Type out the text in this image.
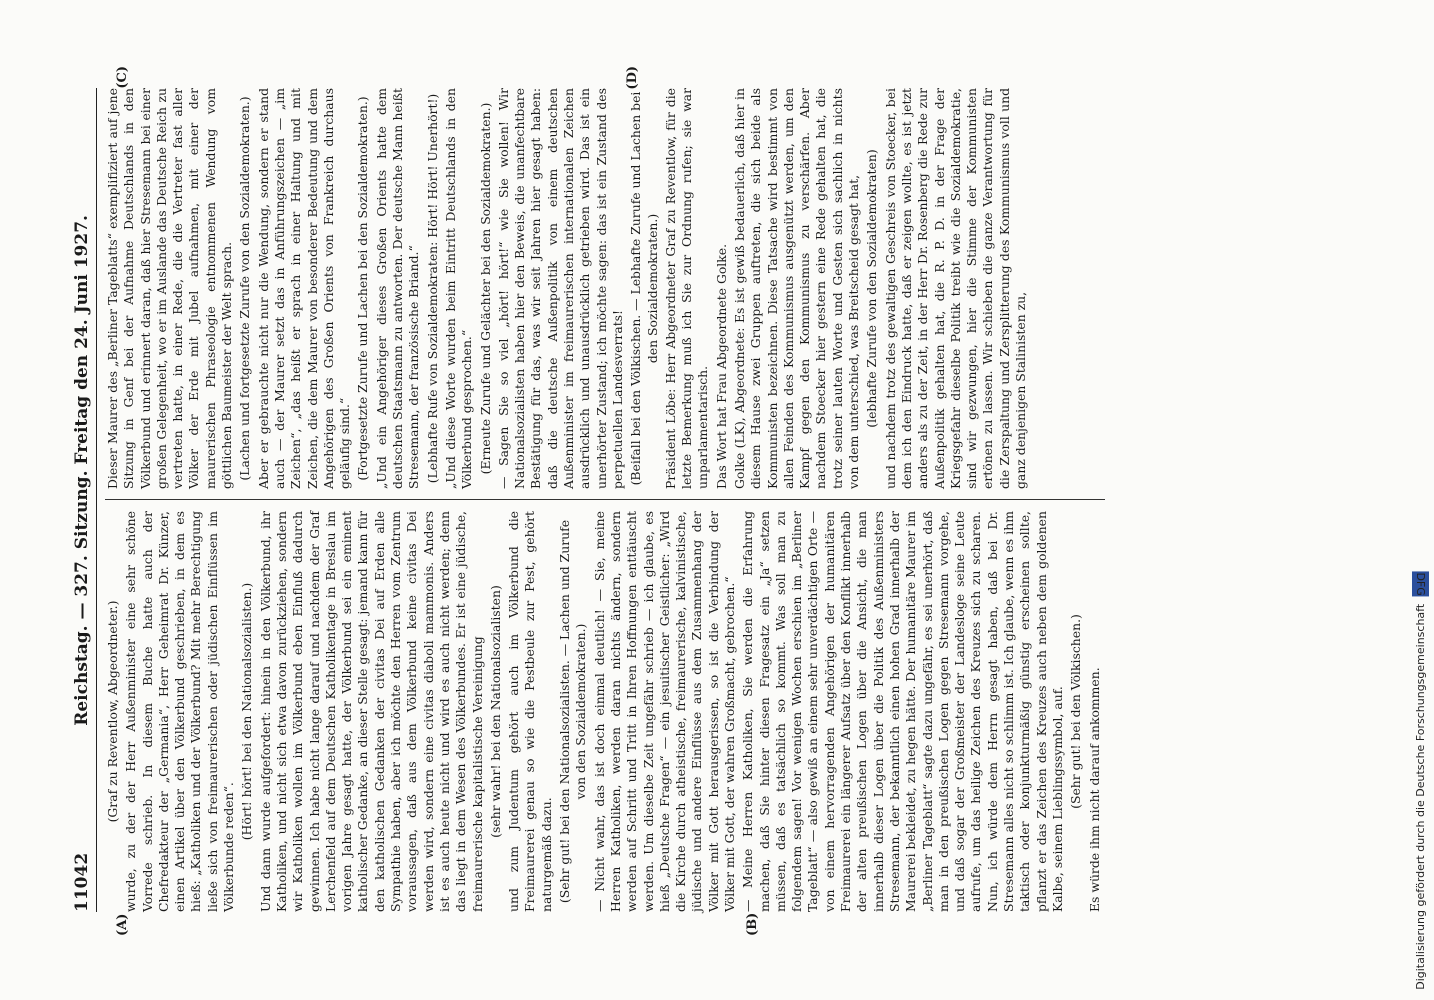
11042
Reichstag. — 327. Sitzung. Freitag den 24. Juni 1927.
(A)	(B)

(Graf zu Reventlow, Abgeordneter.) wurde, zu der der Herr Außenminister eine sehr schöne Vorrede schrieb. In diesem Buche hatte auch der Chefredakteur der „Germania“, Herr Geheimrat Dr. Künzer, einen Artikel über den Völkerbund geschrieben, in dem es hieß: „Katholiken und der Völkerbund? Mit mehr Berechtigung ließe sich von freimaurerischen oder jüdischen Einflüssen im Völkerbunde reden“.

(Hört! hört! bei den Nationalsozialisten.) Und dann wurde aufgefordert: hinein in den Völkerbund, ihr Katholiken, und nicht sich etwa davon zurückziehen, sondern wir Katholiken wollen im Völkerbund eben Einfluß dadurch gewinnen. Ich habe nicht lange darauf und nachdem der Graf Lerchenfeld auf dem Deutschen Katholikentage in Breslau im vorigen Jahre gesagt hatte, der Völkerbund sei ein eminent katholischer Gedanke, an dieser Stelle gesagt: jemand kann für den katholischen Gedanken der civitas Dei auf Erden alle Sympathie haben, aber ich möchte den Herren vom Zentrum voraussagen, daß aus dem Völkerbund keine civitas Dei werden wird, sondern eine civitas diaboli mammonis. Anders ist es auch heute nicht und wird es auch nicht werden; denn das liegt in dem Wesen des Völkerbundes. Er ist eine jüdische, freimaurerische kapitalistische Vereinigung (sehr wahr! bei den Nationalsozialisten) und zum Judentum gehört auch im Völkerbund die Freimaurerei genau so wie die Pestbeule zur Pest, gehört naturgemäß dazu. (Sehr gut! bei den Nationalsozialisten. — Lachen und Zurufe von den Sozialdemokraten.) — Nicht wahr, das ist doch einmal deutlich! — Sie, meine Herren Katholiken, werden daran nichts ändern, sondern werden auf Schritt und Tritt in Ihren Hoffnungen enttäuscht werden. Um dieselbe Zeit ungefähr schrieb — ich glaube, es hieß „Deutsche Fragen“ — ein jesuitischer Geistlicher: „Wird die Kirche durch atheistische, freimaurerische, kalvinistische, jüdische und andere Einflüsse aus dem Zusammenhang der Völker mit Gott herausgerissen, so ist die Verbindung der Völker mit Gott, der wahren Großmacht, gebrochen.“ — Meine Herren Katholiken, Sie werden die Erfahrung machen, daß Sie hinter diesen Fragesatz ein „Ja“ setzen müssen, daß es tatsächlich so kommt. Was soll man zu folgendem sagen! Vor wenigen Wochen erschien im „Berliner Tageblatt“ — also gewiß an einem sehr unverdächtigen Orte — von einem hervorragenden Angehörigen der humanitären Freimaurerei ein längerer Aufsatz über den Konflikt innerhalb der alten preußischen Logen über die Ansicht, die man innerhalb dieser Logen über die Politik des Außenministers Stresemann, der bekanntlich einen hohen Grad innerhalb der Maurerei bekleidet, zu hegen hätte. Der humanitäre Maurer im „Berliner Tageblatt“ sagte dazu ungefähr, es sei unerhört, daß man in den preußischen Logen gegen Stresemann vorgehe, und daß sogar der Großmeister der Landesloge seine Leute aufrufe, um das heilige Zeichen des Kreuzes sich zu scharen. Nun, ich würde dem Herrn gesagt haben, daß bei Dr. Stresemann alles nicht so schlimm ist. Ich glaube, wenn es ihm taktisch oder konjunkturmäßig günstig erscheinen sollte, pflanzt er das Zeichen des Kreuzes auch neben dem goldenen Kalbe, seinem Lieblingssymbol, auf. (Sehr gut! bei den Völkischen.) Es würde ihm nicht darauf ankommen.

(C)	(D)

Dieser Maurer des „Berliner Tageblatts“ exemplifiziert auf jene Sitzung in Genf bei der Aufnahme Deutschlands in den Völkerbund und erinnert daran, daß hier Stresemann bei einer großen Gelegenheit, wo er im Auslande das Deutsche Reich zu vertreten hatte, in einer Rede, die die Vertreter fast aller Völker der Erde mit Jubel aufnahmen, mit einer der maurerischen Phraseologie entnommenen Wendung vom göttlichen Baumeister der Welt sprach. (Lachen und fortgesetzte Zurufe von den Sozialdemokraten.) Aber er gebrauchte nicht nur die Wendung, sondern er stand auch — der Maurer setzt das in Anführungszeichen — „im Zeichen“, „das heißt er sprach in einer Haltung und mit Zeichen, die dem Maurer von besonderer Bedeutung und dem Angehörigen des Großen Orients von Frankreich durchaus geläufig sind.“ (Fortgesetzte Zurufe und Lachen bei den Sozialdemokraten.) „Und ein Angehöriger dieses Großen Orients hatte dem deutschen Staatsmann zu antworten. Der deutsche Mann heißt Stresemann, der französische Briand.“ (Lebhafte Rufe von Sozialdemokraten: Hört! Hört! Unerhört!) „Und diese Worte wurden beim Eintritt Deutschlands in den Völkerbund gesprochen.“ (Erneute Zurufe und Gelächter bei den Sozialdemokraten.) — Sagen Sie so viel „hört! hört!“ wie Sie wollen! Wir Nationalsozialisten haben hier den Beweis, die unanfechtbare Bestätigung für das, was wir seit Jahren hier gesagt haben: daß die deutsche Außenpolitik von einem deutschen Außenminister im freimaurerischen internationalen Zeichen ausdrücklich und unausdrücklich getrieben wird. Das ist ein unerhörter Zustand; ich möchte sagen: das ist ein Zustand des perpetuellen Landesverrats! (Beifall bei den Völkischen. — Lebhafte Zurufe und Lachen bei den Sozialdemokraten.) Präsident Löbe: Herr Abgeordneter Graf zu Reventlow, für die letzte Bemerkung muß ich Sie zur Ordnung rufen; sie war unparlamentarisch. Das Wort hat Frau Abgeordnete Golke. Golke (LK), Abgeordnete: Es ist gewiß bedauerlich, daß hier in diesem Hause zwei Gruppen auftreten, die sich beide als Kommunisten bezeichnen. Diese Tatsache wird bestimmt von allen Feinden des Kommunismus ausgenützt werden, um den Kampf gegen den Kommunismus zu verschärfen. Aber nachdem Stoecker hier gestern eine Rede gehalten hat, die trotz seiner lauten Worte und Gesten sich sachlich in nichts von dem unterschied, was Breitscheid gesagt hat, (lebhafte Zurufe von den Sozialdemokraten) und nachdem trotz des gewaltigen Geschreis von Stoecker, bei dem ich den Eindruck hatte, daß er zeigen wollte, es ist jetzt anders als zu der Zeit, in der Herr Dr. Rosenberg die Rede zur Außenpolitik gehalten hat, die R. P. D. in der Frage der Kriegsgefahr dieselbe Politik treibt wie die Sozialdemokratie, sind wir gezwungen, hier die Stimme der Kommunisten ertönen zu lassen. Wir schieben die ganze Verantwortung für die Zerspaltung und Zersplitterung des Kommunismus voll und ganz denjenigen Stalinisten zu,

Digitalisierung gefördert durch die Deutsche Forschungsgemeinschaft DFG
